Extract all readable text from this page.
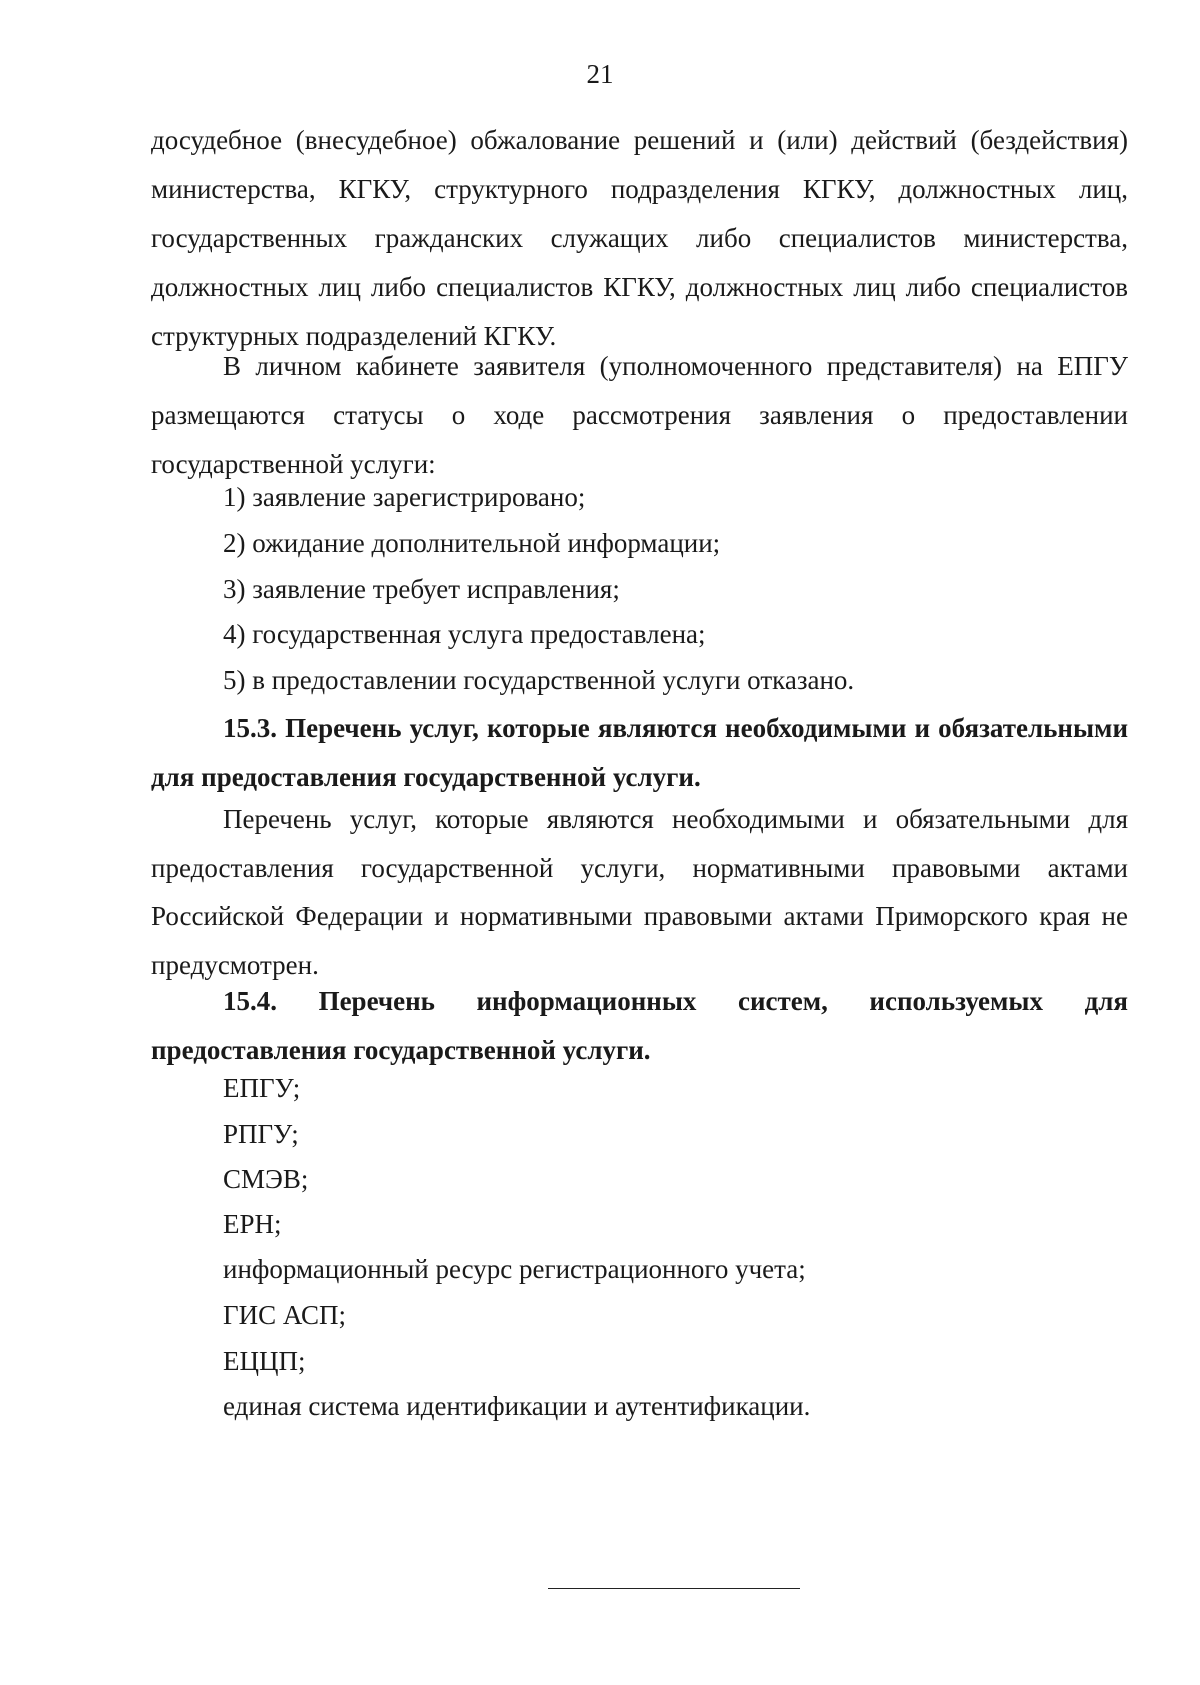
21

досудебное (внесудебное) обжалование решений и (или) действий (бездействия) министерства, КГКУ, структурного подразделения КГКУ, должностных лиц, государственных гражданских служащих либо специалистов министерства, должностных лиц либо специалистов КГКУ, должностных лиц либо специалистов структурных подразделений КГКУ.

В личном кабинете заявителя (уполномоченного представителя) на ЕПГУ размещаются статусы о ходе рассмотрения заявления о предоставлении государственной услуги:

1) заявление зарегистрировано;
2) ожидание дополнительной информации;
3) заявление требует исправления;
4) государственная услуга предоставлена;
5) в предоставлении государственной услуги отказано.

15.3. Перечень услуг, которые являются необходимыми и обязательными для предоставления государственной услуги.

Перечень услуг, которые являются необходимыми и обязательными для предоставления государственной услуги, нормативными правовыми актами Российской Федерации и нормативными правовыми актами Приморского края не предусмотрен.

15.4. Перечень информационных систем, используемых для предоставления государственной услуги.

ЕПГУ;
РПГУ;
СМЭВ;
ЕРН;
информационный ресурс регистрационного учета;
ГИС АСП;
ЕЦЦП;
единая система идентификации и аутентификации.
